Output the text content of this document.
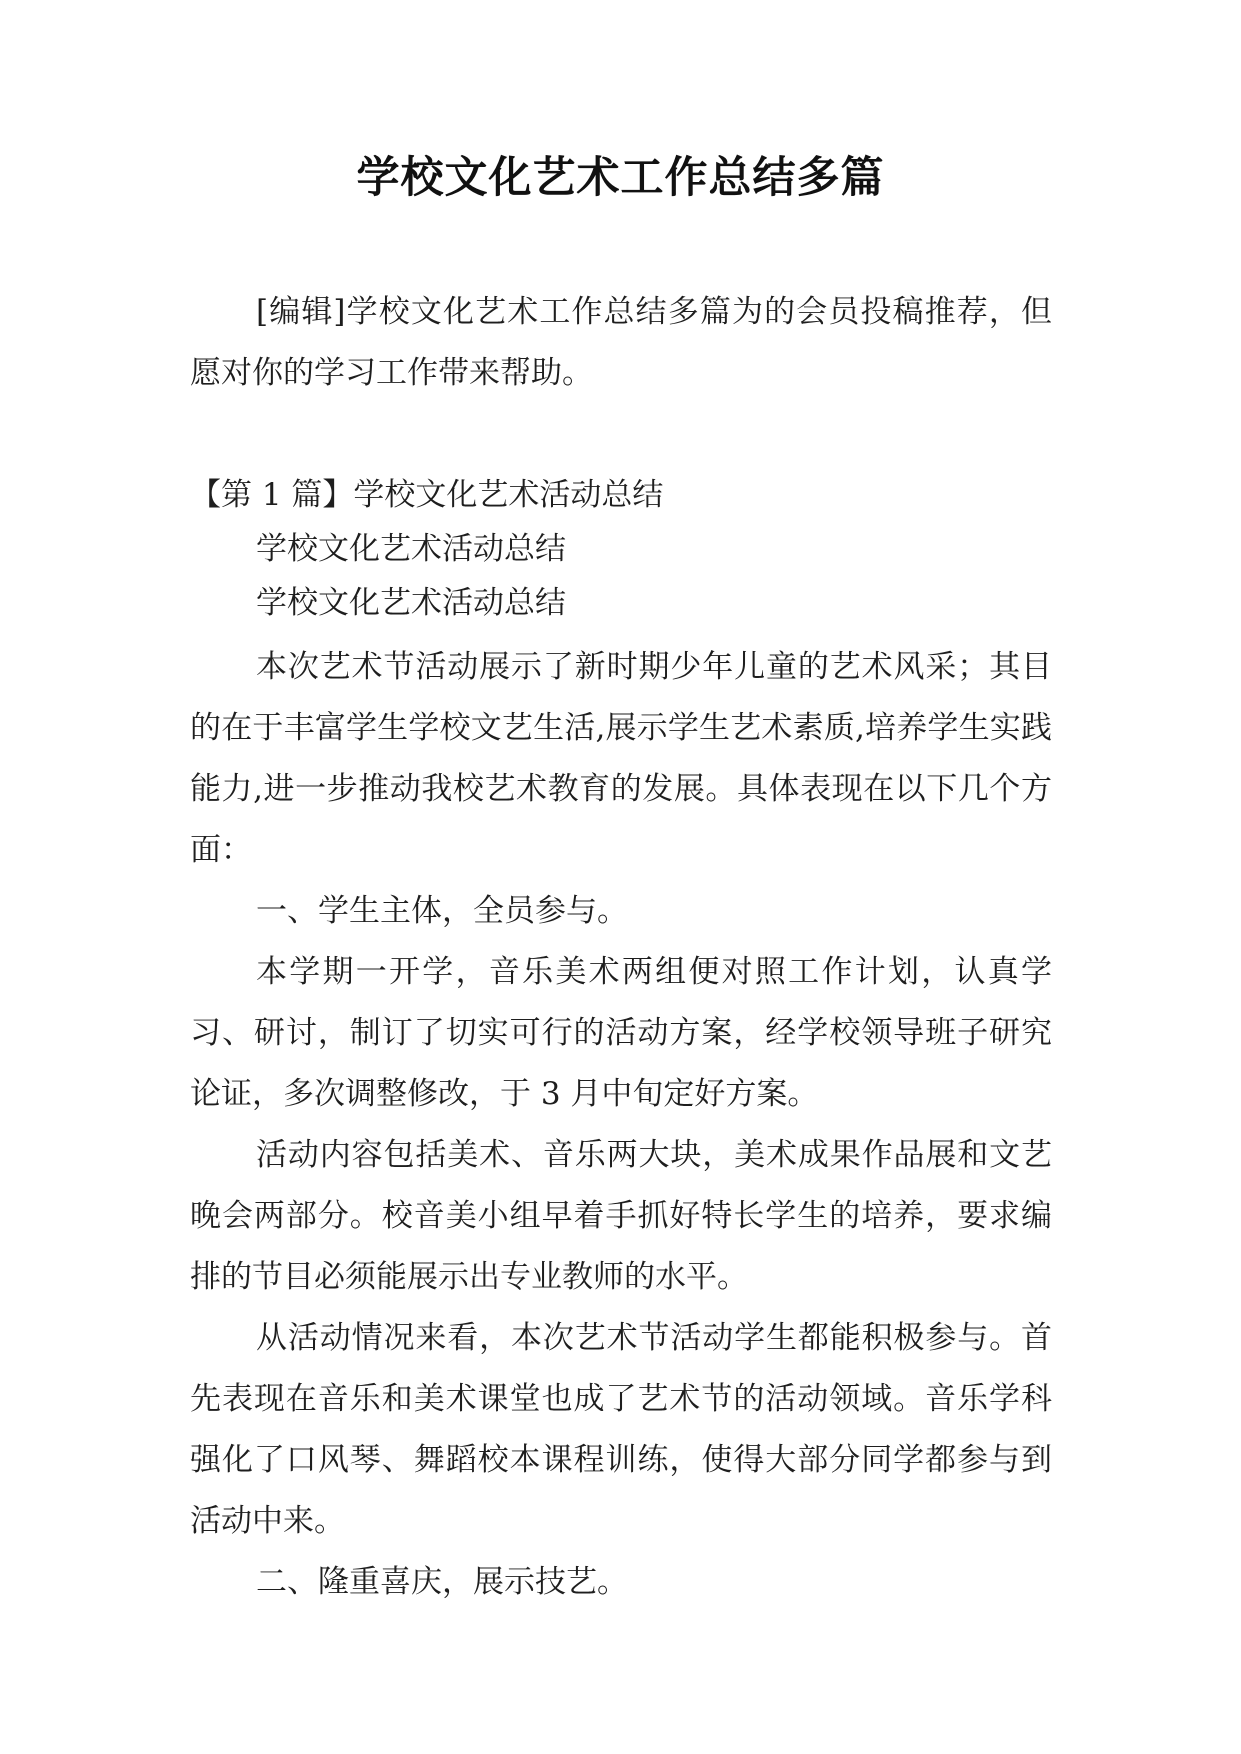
学校文化艺术工作总结多篇

[编辑]学校文化艺术工作总结多篇为的会员投稿推荐，但愿对你的学习工作带来帮助。

【第 1 篇】学校文化艺术活动总结

学校文化艺术活动总结

学校文化艺术活动总结

本次艺术节活动展示了新时期少年儿童的艺术风采；其目的在于丰富学生学校文艺生活,展示学生艺术素质,培养学生实践能力,进一步推动我校艺术教育的发展。具体表现在以下几个方面：

一、学生主体，全员参与。

本学期一开学，音乐美术两组便对照工作计划，认真学习、研讨，制订了切实可行的活动方案，经学校领导班子研究论证，多次调整修改，于 3 月中旬定好方案。

活动内容包括美术、音乐两大块，美术成果作品展和文艺晚会两部分。校音美小组早着手抓好特长学生的培养，要求编排的节目必须能展示出专业教师的水平。

从活动情况来看，本次艺术节活动学生都能积极参与。首先表现在音乐和美术课堂也成了艺术节的活动领域。音乐学科强化了口风琴、舞蹈校本课程训练，使得大部分同学都参与到活动中来。

二、隆重喜庆，展示技艺。
